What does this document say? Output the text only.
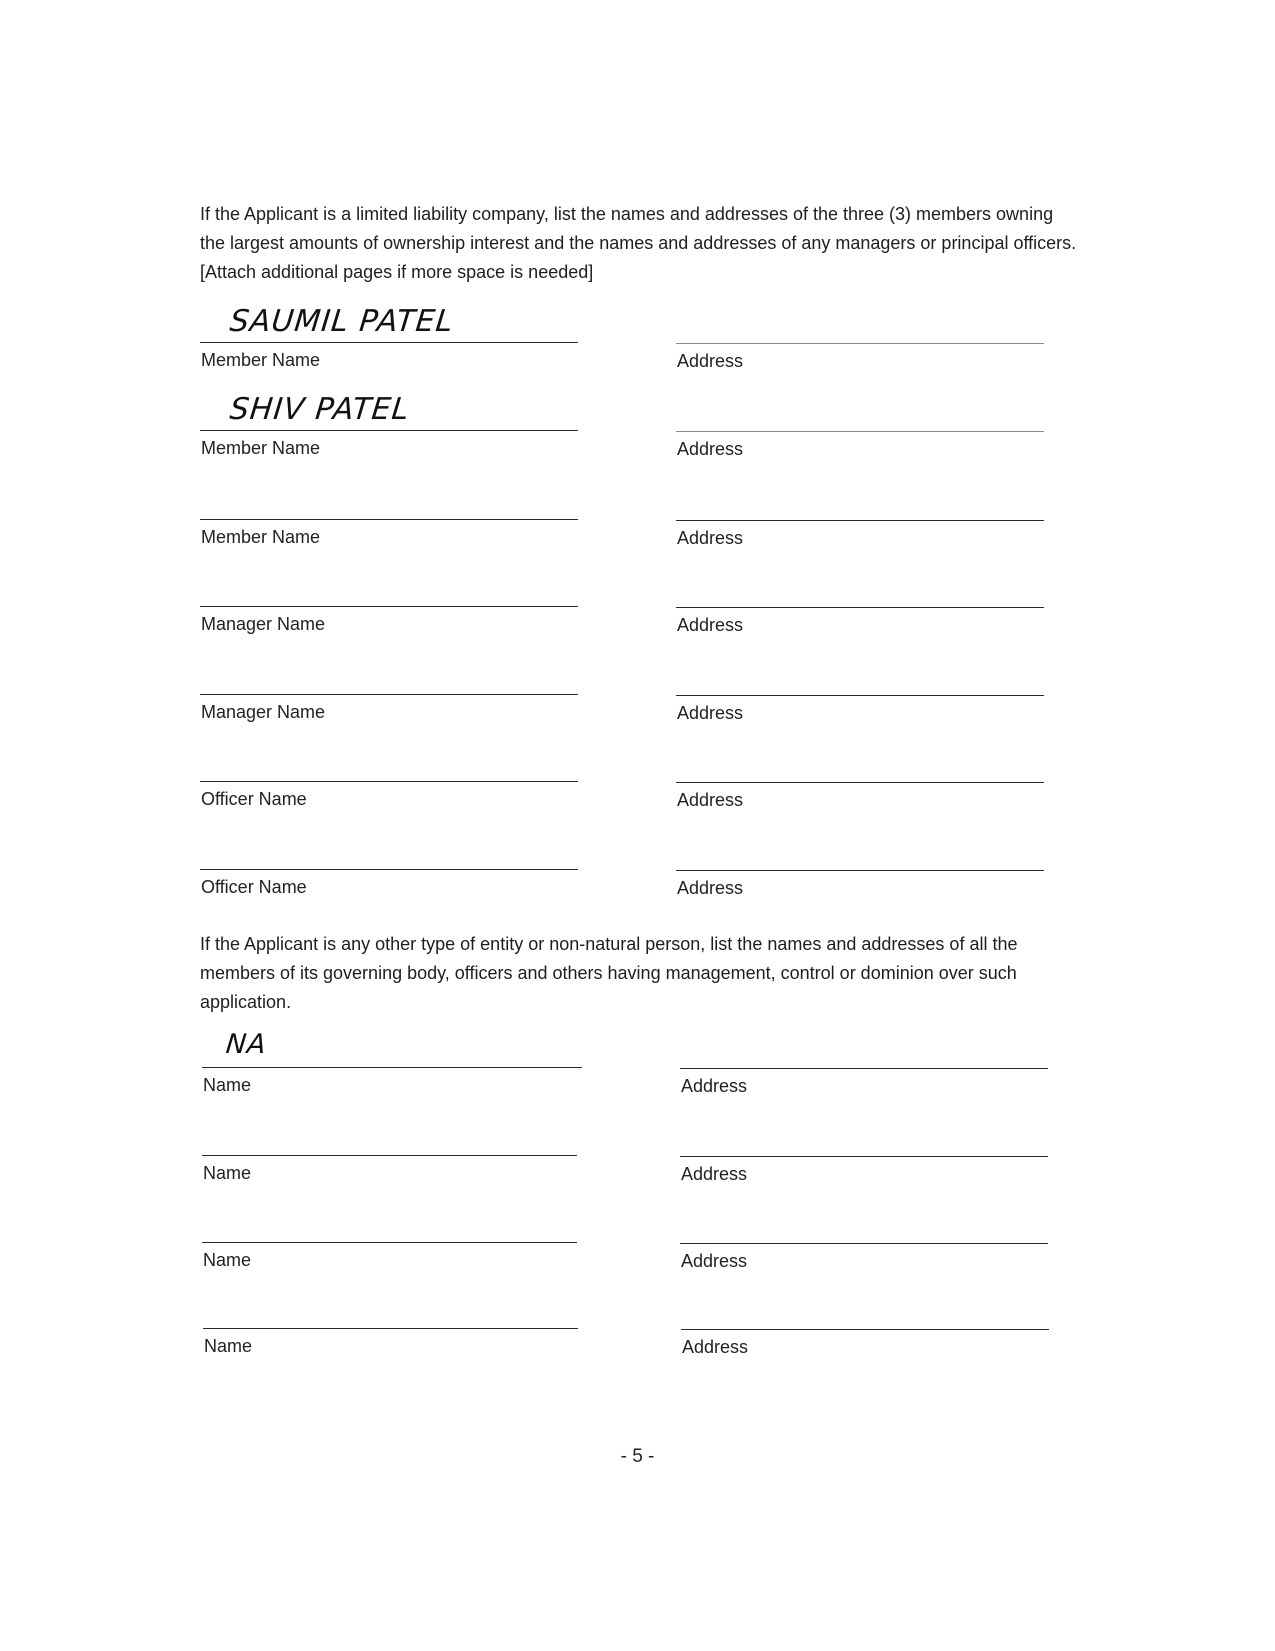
If the Applicant is a limited liability company, list the names and addresses of the three (3) members owning the largest amounts of ownership interest and the names and addresses of any managers or principal officers. [Attach additional pages if more space is needed]

SAUMIL PATEL
Member Name	Address
SHIV PATEL
Member Name	Address
Member Name	Address
Manager Name	Address
Manager Name	Address
Officer Name	Address
Officer Name	Address

If the Applicant is any other type of entity or non-natural person, list the names and addresses of all the members of its governing body, officers and others having management, control or dominion over such application.

NA
Name	Address
Name	Address
Name	Address
Name	Address
- 5 -
